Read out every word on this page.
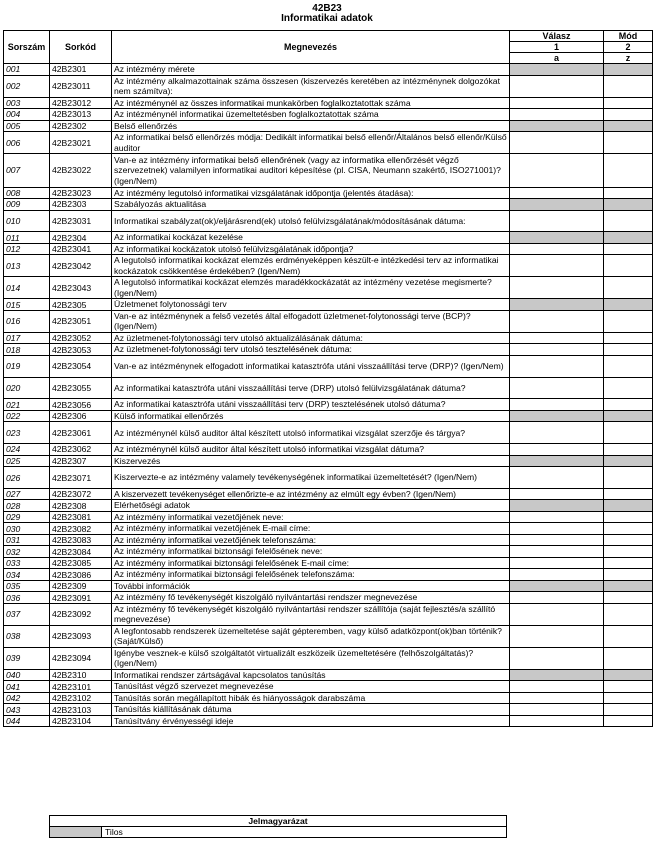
42B23
Informatikai adatok
Sorszám	Sorkód	Megnevezés	Válasz	Mód
			1	2
			a	z
001	42B2301	Az intézmény mérete		
002	42B23011	Az intézmény alkalmazottainak száma összesen (kiszervezés keretében az intézménynek dolgozókat nem számítva):		
003	42B23012	Az intézménynél az összes informatikai munkakörben foglalkoztatottak száma		
004	42B23013	Az intézménynél informatikai üzemeltetésben foglalkoztatottak száma		
005	42B2302	Belső ellenőrzés		
006	42B23021	Az informatikai belső ellenőrzés módja: Dedikált informatikai belső ellenőr/Általános belső ellenőr/Külső auditor		
007	42B23022	Van-e az intézmény informatikai belső ellenőrének (vagy az informatika ellenőrzését végző szervezetnek) valamilyen informatikai auditori képesítése (pl. CISA, Neumann szakértő, ISO271001)? (Igen/Nem)		
008	42B23023	Az intézmény legutolsó informatikai vizsgálatának időpontja (jelentés átadása):		
009	42B2303	Szabályozás aktualitása		
010	42B23031	Informatikai szabályzat(ok)/eljárásrend(ek) utolsó felülvizsgálatának/módosításának dátuma:		
011	42B2304	Az informatikai kockázat kezelése		
012	42B23041	Az informatikai kockázatok utolsó felülvizsgálatának időpontja?		
013	42B23042	A legutolsó informatikai kockázat elemzés erdményeképpen készült-e intézkedési terv az informatikai kockázatok csökkentése érdekében? (Igen/Nem)		
014	42B23043	A legutolsó informatikai kockázat elemzés maradékkockázatát az intézmény vezetése megismerte? (Igen/Nem)		
015	42B2305	Üzletmenet folytonossági terv		
016	42B23051	Van-e az intézménynek a felső vezetés által elfogadott üzletmenet-folytonossági terve (BCP)? (Igen/Nem)		
017	42B23052	Az üzletmenet-folytonossági terv utolsó aktualizálásának dátuma:		
018	42B23053	Az üzletmenet-folytonossági terv utolsó tesztelésének dátuma:		
019	42B23054	Van-e az intézménynek elfogadott informatikai katasztrófa utáni visszaállítási terve (DRP)? (Igen/Nem)		
020	42B23055	Az informatikai katasztrófa utáni visszaállítási terve (DRP) utolsó felülvizsgálatának dátuma?		
021	42B23056	Az informatikai katasztrófa utáni visszaállítási terv (DRP) tesztelésének utolsó dátuma?		
022	42B2306	Külső informatikai ellenőrzés		
023	42B23061	Az intézménynél külső auditor által készített utolsó informatikai vizsgálat szerzője és tárgya?		
024	42B23062	Az intézménynél külső auditor által készített utolsó informatikai vizsgálat dátuma?		
025	42B2307	Kiszervezés		
026	42B23071	Kiszervezte-e az intézmény valamely tevékenységének informatikai üzemeltetését? (Igen/Nem)		
027	42B23072	A kiszervezett tevékenységet ellenőrizte-e az intézmény az elmúlt egy évben? (Igen/Nem)		
028	42B2308	Elérhetőségi adatok		
029	42B23081	Az intézmény informatikai vezetőjének neve:		
030	42B23082	Az intézmény informatikai vezetőjének E-mail címe:		
031	42B23083	Az intézmény informatikai vezetőjének telefonszáma:		
032	42B23084	Az intézmény informatikai biztonsági felelősének neve:		
033	42B23085	Az intézmény informatikai biztonsági felelősének E-mail címe:		
034	42B23086	Az intézmény informatikai biztonsági felelősének telefonszáma:		
035	42B2309	További információk		
036	42B23091	Az intézmény fő tevékenységét kiszolgáló nyilvántartási rendszer megnevezése		
037	42B23092	Az intézmény fő tevékenységét kiszolgáló nyilvántartási rendszer szállítója (saját fejlesztés/a szállító megnevezése)		
038	42B23093	A legfontosabb rendszerek üzemeltetése saját gépteremben, vagy külső adatközpont(ok)ban történik? (Saját/Külső)		
039	42B23094	Igénybe vesznek-e külső szolgáltatót virtualizált eszközeik üzemeltetésére (felhőszolgáltatás)? (Igen/Nem)		
040	42B2310	Informatikai rendszer zártságával kapcsolatos tanúsítás		
041	42B23101	Tanúsítást végző szervezet megnevezése		
042	42B23102	Tanúsítás során megállapított hibák és hiányosságok darabszáma		
043	42B23103	Tanúsítás kiállításának dátuma		
044	42B23104	Tanúsítvány érvényességi ideje		
Jelmagyarázat
	Tilos
